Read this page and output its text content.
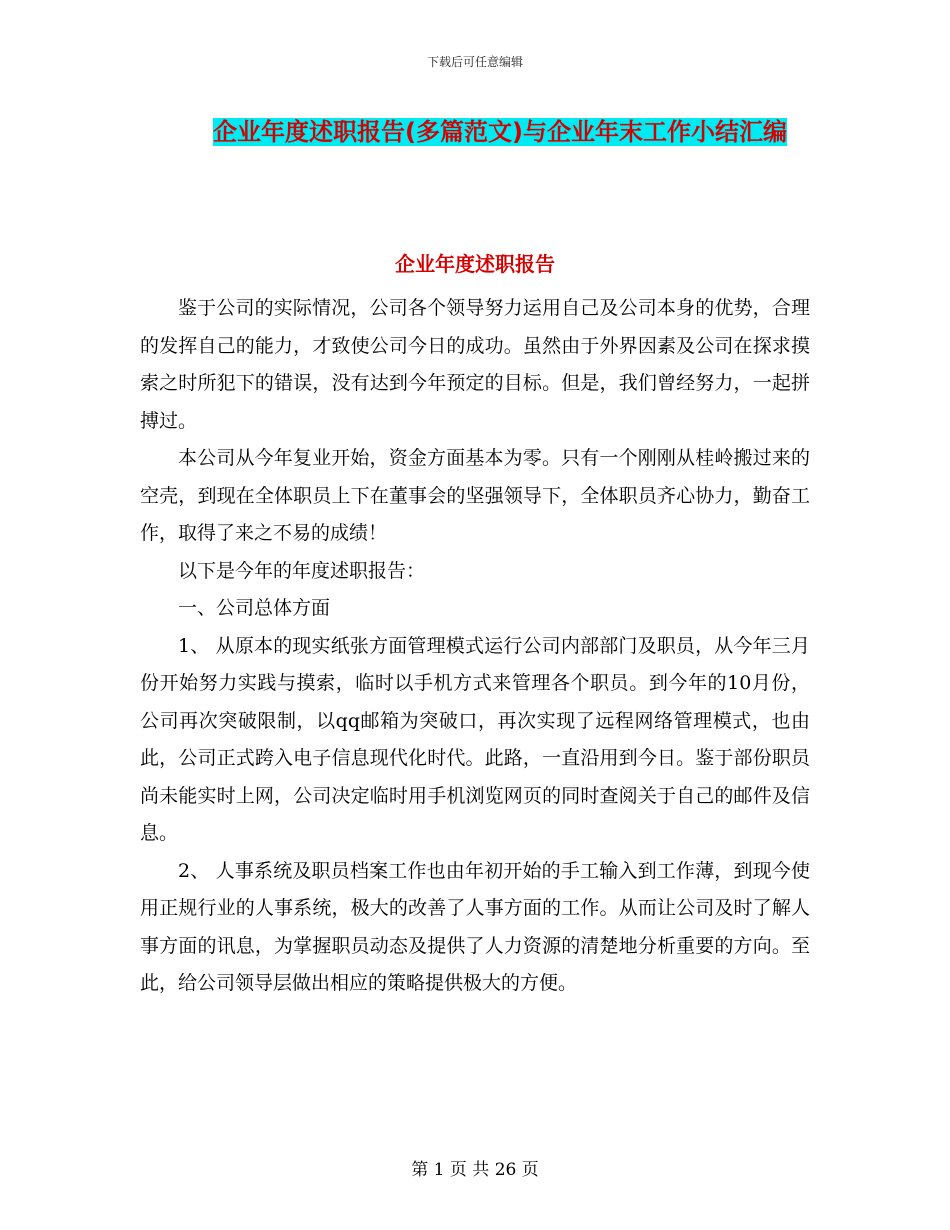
下载后可任意编辑
企业年度述职报告(多篇范文)与企业年末工作小结汇编
企业年度述职报告

鉴于公司的实际情况，公司各个领导努力运用自己及公司本身的优势，合理的发挥自己的能力，才致使公司今日的成功。虽然由于外界因素及公司在探求摸索之时所犯下的错误，没有达到今年预定的目标。但是，我们曾经努力，一起拼搏过。

本公司从今年复业开始，资金方面基本为零。只有一个刚刚从桂岭搬过来的空壳，到现在全体职员上下在董事会的坚强领导下，全体职员齐心协力，勤奋工作，取得了来之不易的成绩！

以下是今年的年度述职报告：

一、公司总体方面

1、 从原本的现实纸张方面管理模式运行公司内部部门及职员，从今年三月份开始努力实践与摸索，临时以手机方式来管理各个职员。到今年的10月份，公司再次突破限制，以qq邮箱为突破口，再次实现了远程网络管理模式，也由此，公司正式跨入电子信息现代化时代。此路，一直沿用到今日。鉴于部份职员尚未能实时上网，公司决定临时用手机浏览网页的同时查阅关于自己的邮件及信息。

2、 人事系统及职员档案工作也由年初开始的手工输入到工作薄，到现今使用正规行业的人事系统，极大的改善了人事方面的工作。从而让公司及时了解人事方面的讯息，为掌握职员动态及提供了人力资源的清楚地分析重要的方向。至此，给公司领导层做出相应的策略提供极大的方便。

第 1 页 共 26 页
